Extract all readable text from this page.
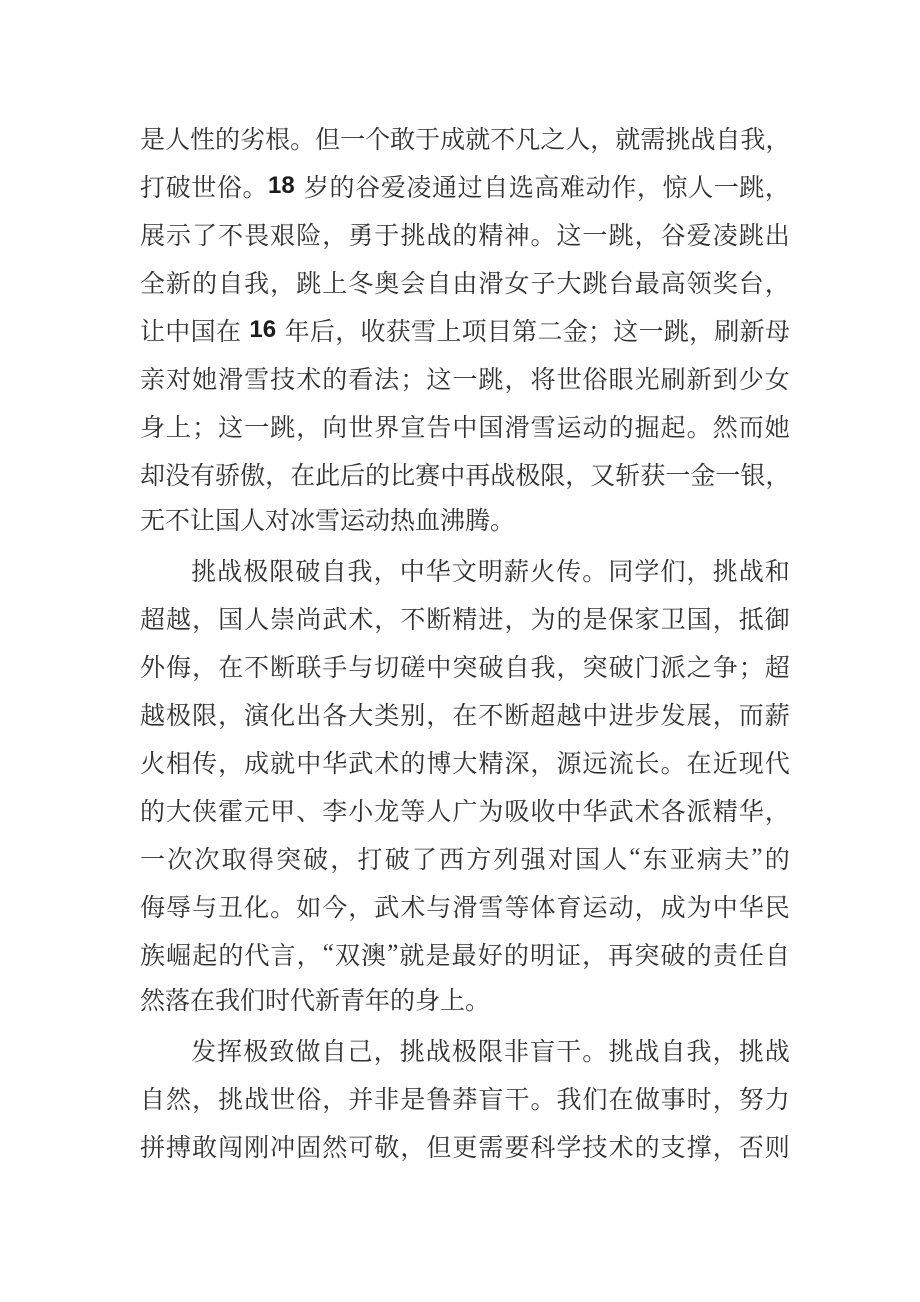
是 人 性 的 劣 根 。 但 一 个 敢 于 成 就 不 凡 之 人 ， 就 需 挑 战 自 我 ，
打 破 世 俗 。 18
岁 的 谷 爱 凌 通 过 自 选 高 难 动 作 ， 惊 人 一 跳 ，
展 示 了 不 畏 艰 险 ， 勇 于 挑 战 的 精 神 。 这 一 跳 ， 谷 爱 凌 跳 出
全 新 的 自 我 ， 跳 上 冬 奥 会 自 由 滑 女 子 大 跳 台 最 高 领 奖 台 ，
让 中 国 在
16
年 后 ， 收 获 雪 上 项 目 第 二 金 ； 这 一 跳 ， 刷 新 母
亲 对 她 滑 雪 技 术 的 看 法 ； 这 一 跳 ， 将 世 俗 眼 光 刷 新 到 少 女
身 上 ； 这 一 跳 ， 向 世 界 宣 告 中 国 滑 雪 运 动 的 掘 起 。 然 而 她
却 没 有 骄 傲 ， 在 此 后 的 比 赛 中 再 战 极 限 ， 又 斩 获 一 金 一 银 ，
无不让国人对冰雪运动热血沸腾。
挑 战 极 限 破 自 我 ， 中 华 文 明 薪 火 传 。 同 学 们 ， 挑 战 和
超 越 ， 国 人 崇 尚 武 术 ， 不 断 精 进 ， 为 的 是 保 家 卫 国 ， 抵 御
外 侮 ， 在 不 断 联 手 与 切 磋 中 突 破 自 我 ， 突 破 门 派 之 争 ； 超
越 极 限 ， 演 化 出 各 大 类 别 ， 在 不 断 超 越 中 进 步 发 展 ， 而 薪
火 相 传 ， 成 就 中 华 武 术 的 博 大 精 深 ， 源 远 流 长 。 在 近 现 代
的 大 侠 霍 元 甲 、 李 小 龙 等 人 广 为 吸 收 中 华 武 术 各 派 精 华 ，
一 次 次 取 得 突 破 ， 打 破 了 西 方 列 强 对 国 人 “ 东 亚 病 夫 ” 的
侮 辱 与 丑 化 。 如 今 ， 武 术 与 滑 雪 等 体 育 运 动 ， 成 为 中 华 民
族 崛 起 的 代 言 ， “ 双 澳 ” 就 是 最 好 的 明 证 ， 再 突 破 的 责 任 自
然落在我们时代新青年的身上。
发 挥 极 致 做 自 己 ， 挑 战 极 限 非 盲 干 。 挑 战 自 我 ， 挑 战
自 然 ， 挑 战 世 俗 ， 并 非 是 鲁 莽 盲 干 。 我 们 在 做 事 时 ， 努 力
拼 搏 敢 闯 刚 冲 固 然 可 敬 ， 但 更 需 要 科 学 技 术 的 支 撑 ， 否 则
